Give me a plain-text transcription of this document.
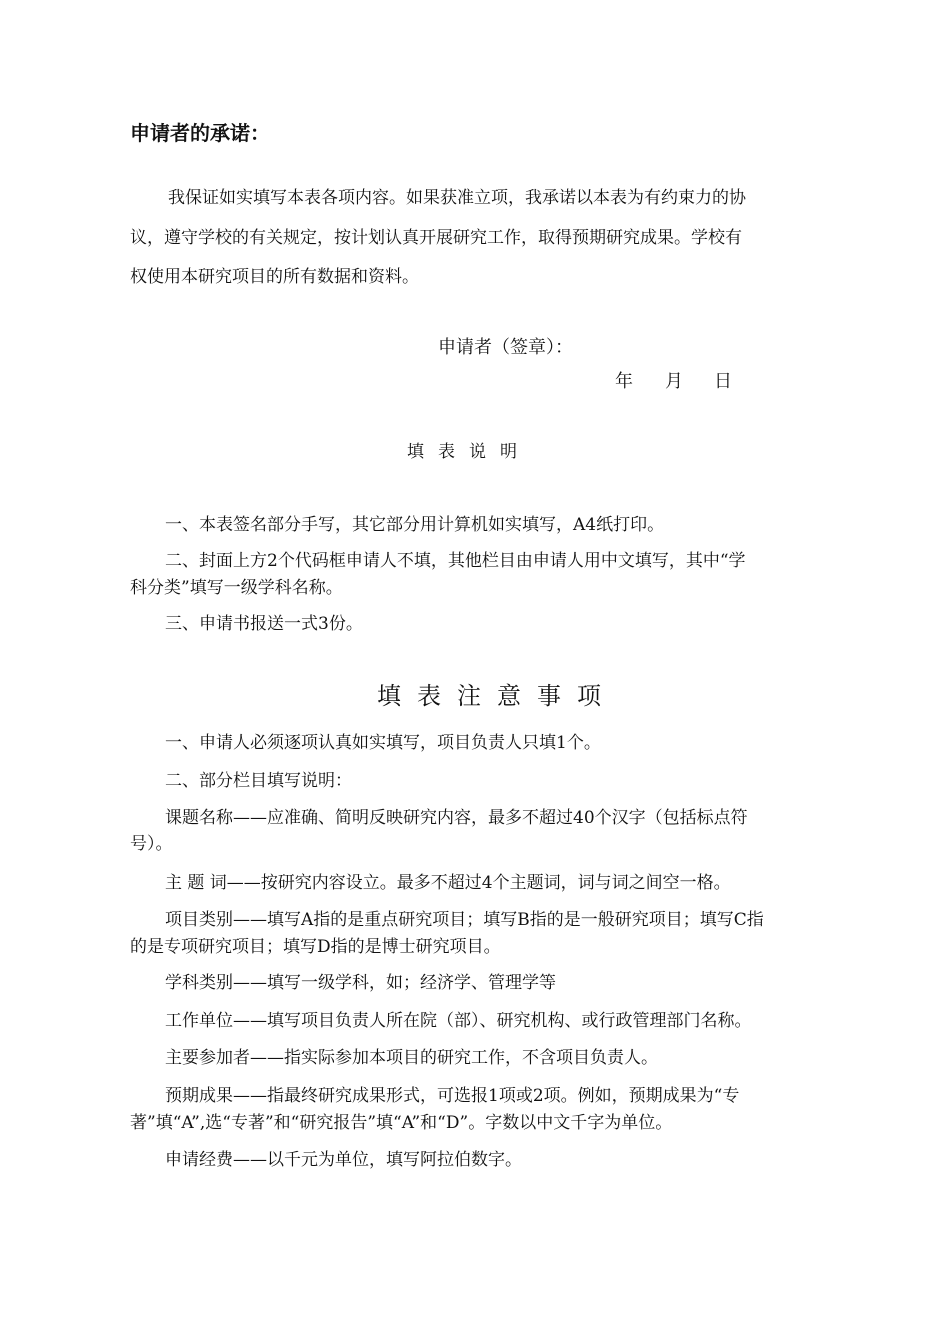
申请者的承诺：
我保证如实填写本表各项内容。如果获准立项，我承诺以本表为有约束力的协
议，遵守学校的有关规定，按计划认真开展研究工作，取得预期研究成果。学校有
权使用本研究项目的所有数据和资料。
申请者（签章）：
年 月 日
填表说明
一、本表签名部分手写，其它部分用计算机如实填写，A4纸打印。
二、封面上方2个代码框申请人不填，其他栏目由申请人用中文填写，其中“学
科分类”填写一级学科名称。
三、申请书报送一式3份。
填表注意事项
一、申请人必须逐项认真如实填写，项目负责人只填1个。
二、部分栏目填写说明：
课题名称——应准确、简明反映研究内容，最多不超过40个汉字（包括标点符
号）。
主 题 词——按研究内容设立。最多不超过4个主题词，词与词之间空一格。
项目类别——填写A指的是重点研究项目；填写B指的是一般研究项目；填写C指
的是专项研究项目；填写D指的是博士研究项目。
学科类别——填写一级学科，如；经济学、管理学等
工作单位——填写项目负责人所在院（部）、研究机构、或行政管理部门名称。
主要参加者——指实际参加本项目的研究工作，不含项目负责人。
预期成果——指最终研究成果形式，可选报1项或2项。例如，预期成果为“专
著”填“A”,选“专著”和“研究报告”填“A”和“D”。字数以中文千字为单位。
申请经费——以千元为单位，填写阿拉伯数字。
